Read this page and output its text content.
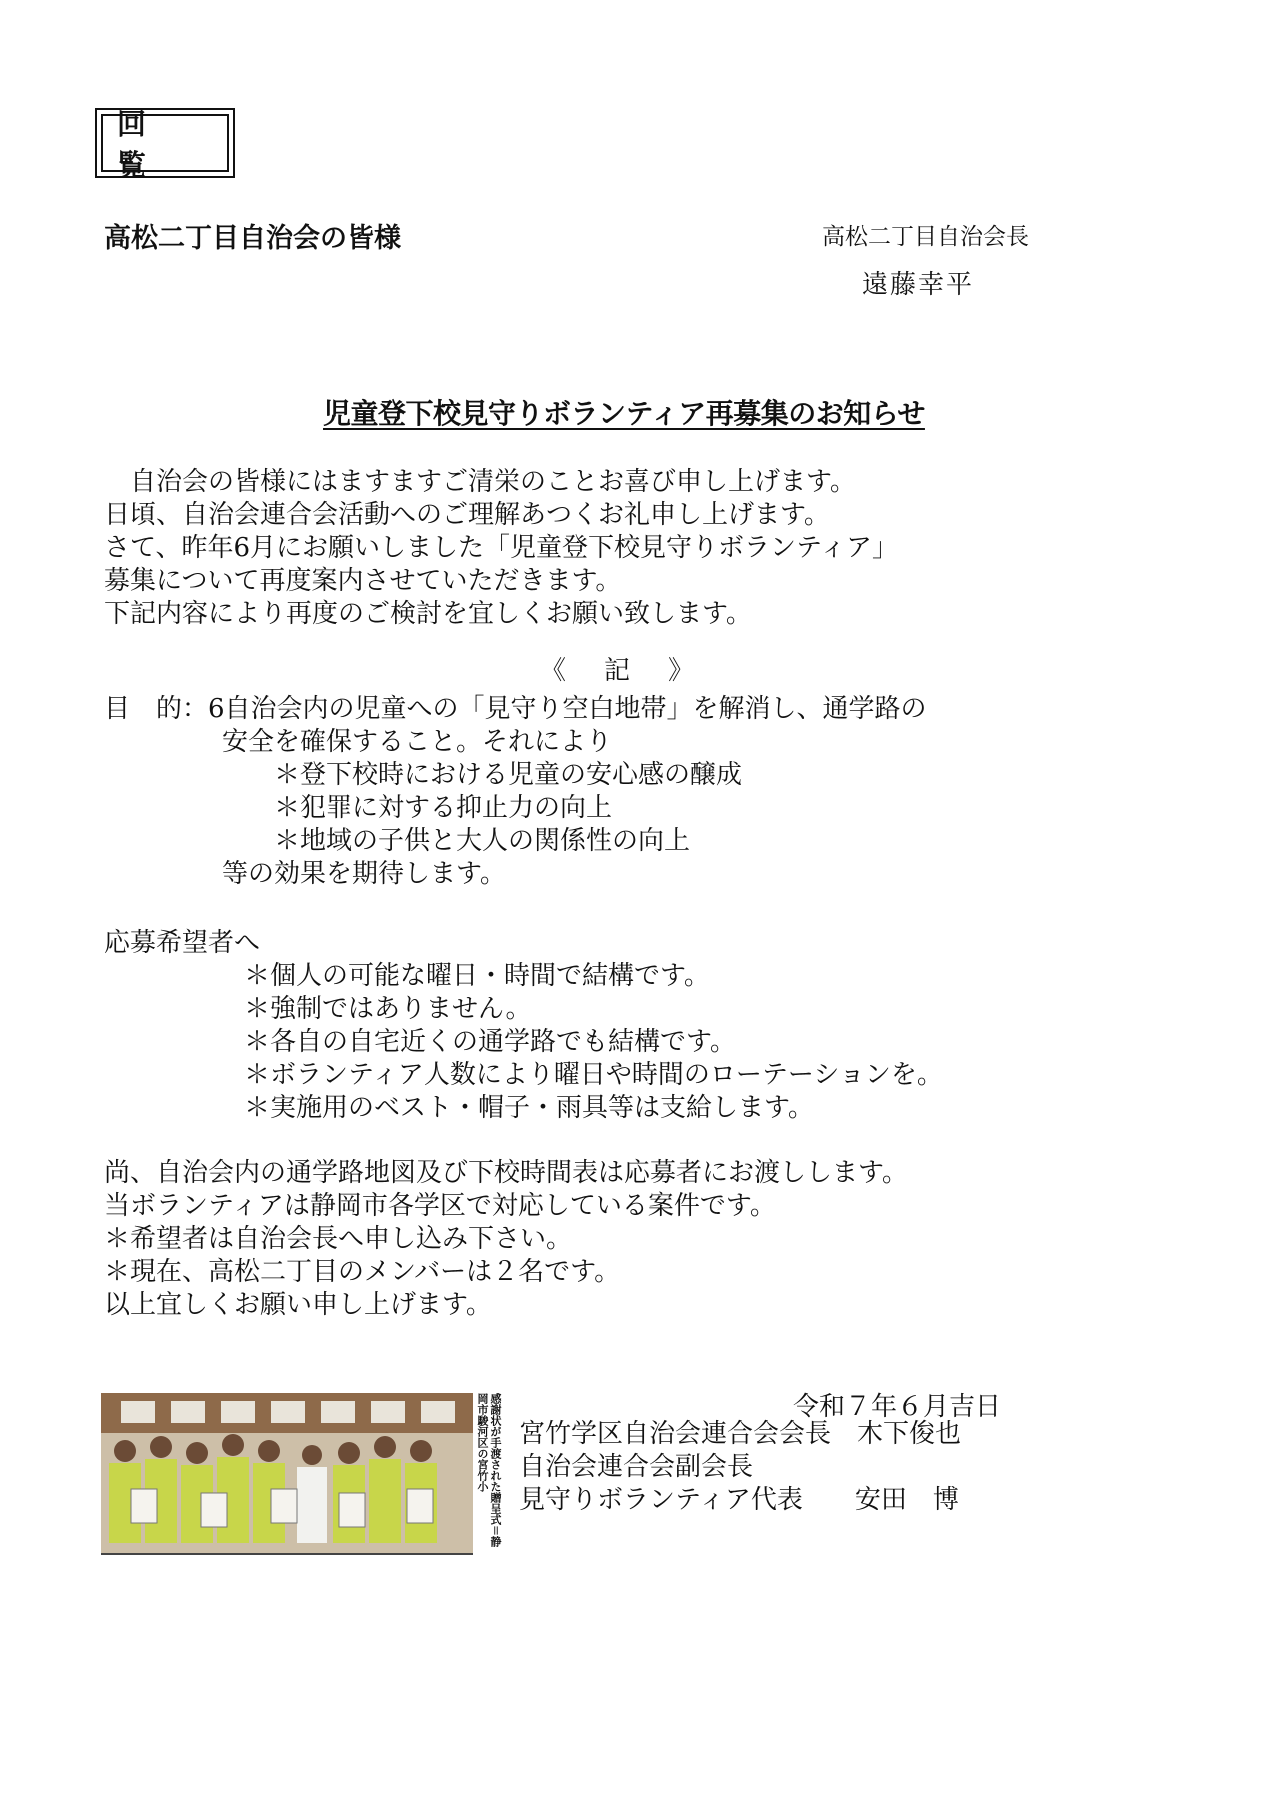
回　覧
高松二丁目自治会の皆様	高松二丁目自治会長
遠藤幸平
児童登下校見守りボランティア再募集のお知らせ
　自治会の皆様にはますますご清栄のことお喜び申し上げます。
日頃、自治会連合会活動へのご理解あつくお礼申し上げます。
さて、昨年6月にお願いしました「児童登下校見守りボランティア」
募集について再度案内させていただきます。
下記内容により再度のご検討を宜しくお願い致します。
《　記　》
目　的：6自治会内の児童への「見守り空白地帯」を解消し、通学路の
安全を確保すること。それにより
＊登下校時における児童の安心感の醸成
＊犯罪に対する抑止力の向上
＊地域の子供と大人の関係性の向上
等の効果を期待します。
応募希望者へ
＊個人の可能な曜日・時間で結構です。
＊強制ではありません。
＊各自の自宅近くの通学路でも結構です。
＊ボランティア人数により曜日や時間のローテーションを。
＊実施用のベスト・帽子・雨具等は支給します。
尚、自治会内の通学路地図及び下校時間表は応募者にお渡しします。
当ボランティアは静岡市各学区で対応している案件です。
＊希望者は自治会長へ申し込み下さい。
＊現在、高松二丁目のメンバーは２名です。
以上宜しくお願い申し上げます。
感謝状が手渡された贈呈式＝静岡市駿河区の宮竹小	令和７年６月吉日
宮竹学区自治会連合会会長　木下俊也
自治会連合会副会長
見守りボランティア代表　　安田　博
